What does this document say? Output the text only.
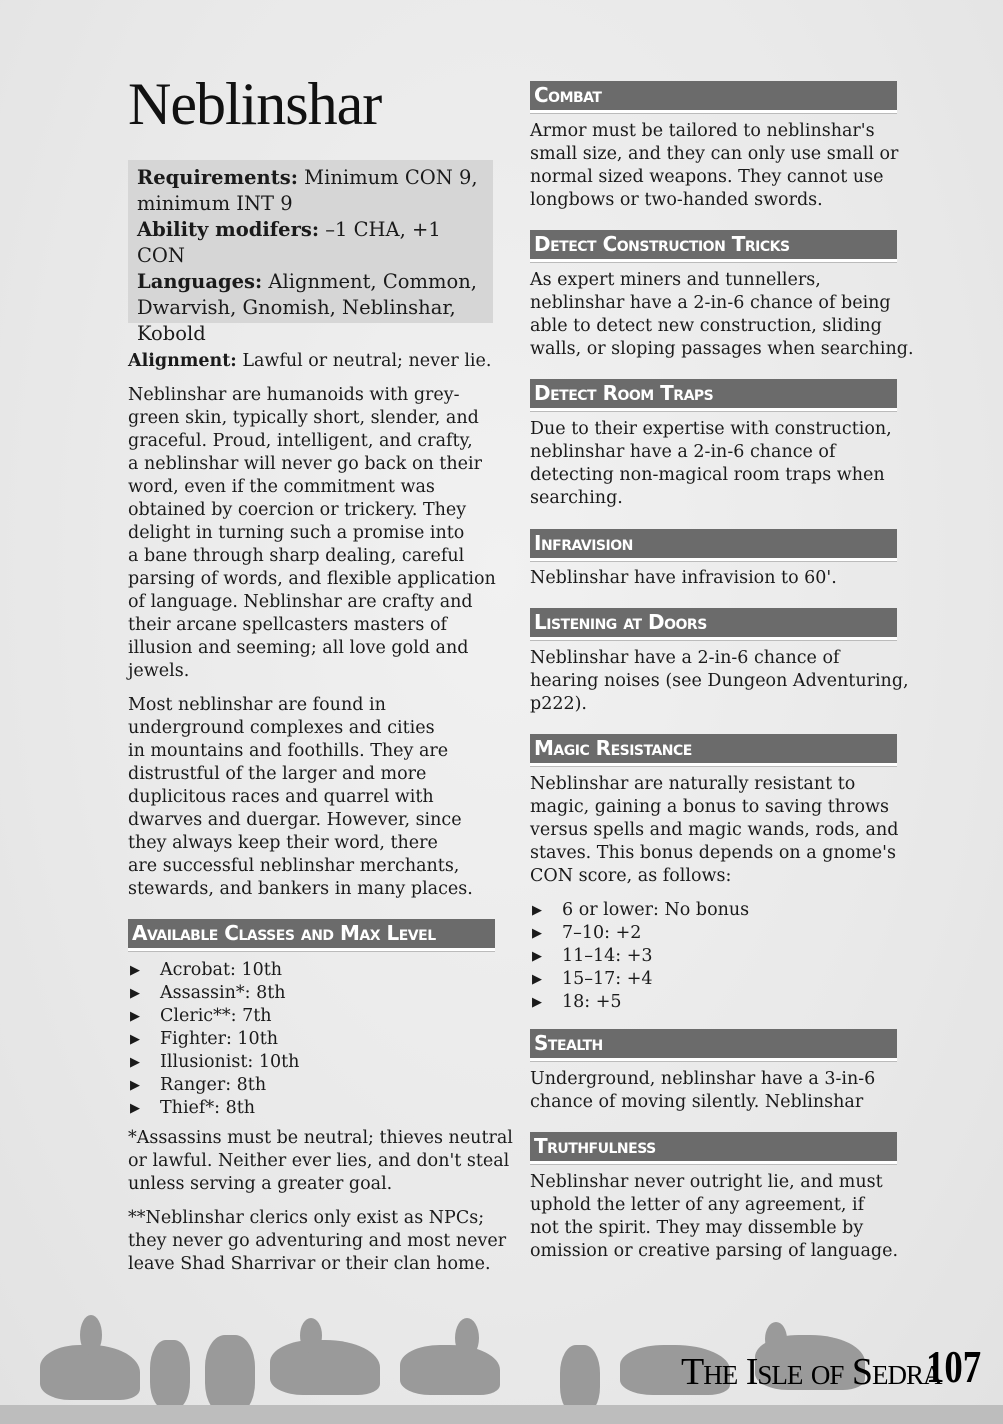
Neblinshar
Requirements: Minimum CON 9, minimum INT 9
Ability modifers: –1 CHA, +1 CON
Languages: Alignment, Common, Dwarvish, Gnomish, Neblinshar, Kobold
Alignment: Lawful or neutral; never lie.
Neblinshar are humanoids with grey-
green skin, typically short, slender, and
graceful. Proud, intelligent, and crafty,
a neblinshar will never go back on their
word, even if the commitment was
obtained by coercion or trickery. They
delight in turning such a promise into
a bane through sharp dealing, careful
parsing of words, and flexible application
of language. Neblinshar are crafty and
their arcane spellcasters masters of
illusion and seeming; all love gold and
jewels.
Most neblinshar are found in
underground complexes and cities
in mountains and foothills. They are
distrustful of the larger and more
duplicitous races and quarrel with
dwarves and duergar. However, since
they always keep their word, there
are successful neblinshar merchants,
stewards, and bankers in many places.
Available Classes and Max Level
▶ Acrobat: 10th
▶ Assassin*: 8th
▶ Cleric**: 7th
▶ Fighter: 10th
▶ Illusionist: 10th
▶ Ranger: 8th
▶ Thief*: 8th
*Assassins must be neutral; thieves neutral
or lawful. Neither ever lies, and don't steal
unless serving a greater goal.
**Neblinshar clerics only exist as NPCs;
they never go adventuring and most never
leave Shad Sharrivar or their clan home.
Combat
Armor must be tailored to neblinshar's
small size, and they can only use small or
normal sized weapons. They cannot use
longbows or two-handed swords.
Detect Construction Tricks
As expert miners and tunnellers,
neblinshar have a 2-in-6 chance of being
able to detect new construction, sliding
walls, or sloping passages when searching.
Detect Room Traps
Due to their expertise with construction,
neblinshar have a 2-in-6 chance of
detecting non-magical room traps when
searching.
Infravision
Neblinshar have infravision to 60'.
Listening at Doors
Neblinshar have a 2-in-6 chance of
hearing noises (see Dungeon Adventuring,
p222).
Magic Resistance
Neblinshar are naturally resistant to
magic, gaining a bonus to saving throws
versus spells and magic wands, rods, and
staves. This bonus depends on a gnome's
CON score, as follows:
▶ 6 or lower: No bonus
▶ 7–10: +2
▶ 11–14: +3
▶ 15–17: +4
▶ 18: +5
Stealth
Underground, neblinshar have a 3-in-6
chance of moving silently. Neblinshar
Truthfulness
Neblinshar never outright lie, and must
uphold the letter of any agreement, if
not the spirit. They may dissemble by
omission or creative parsing of language.
The Isle of Sedra
107
